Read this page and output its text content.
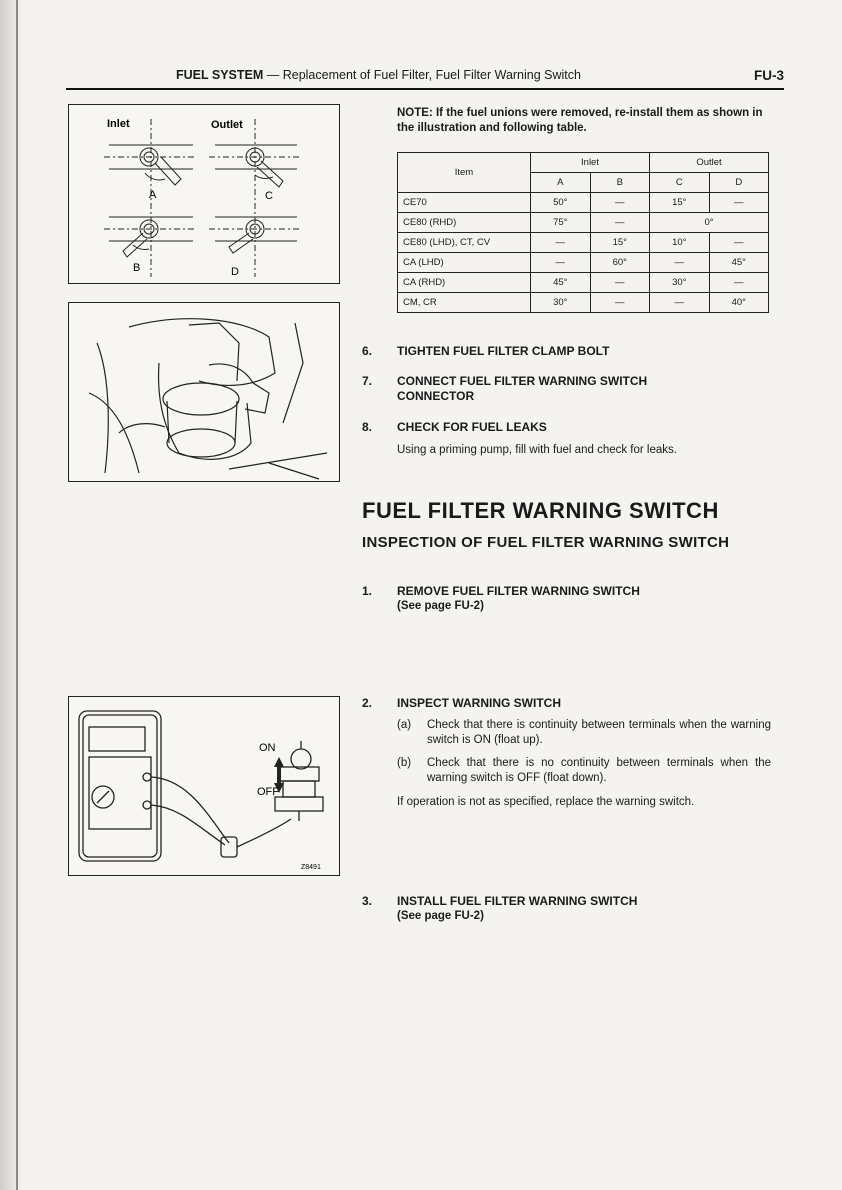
FUEL SYSTEM — Replacement of Fuel Filter, Fuel Filter Warning Switch	FU-3
Inlet	Outlet
A	C
B	D
NOTE: If the fuel unions were removed, re-install them as shown in the illustration and following table.
Item	Inlet		Outlet	
	A	B	C	D
CE70	50°	—	15°	—
CE80 (RHD)	75°	—	0°	
CE80 (LHD), CT, CV	—	15°	10°	—
CA (LHD)	—	60°	—	45°
CA (RHD)	45°	—	30°	—
CM, CR	30°	—	—	40°
6. TIGHTEN FUEL FILTER CLAMP BOLT
7. CONNECT FUEL FILTER WARNING SWITCH CONNECTOR
8. CHECK FOR FUEL LEAKS
Using a priming pump, fill with fuel and check for leaks.
FUEL FILTER WARNING SWITCH
INSPECTION OF FUEL FILTER WARNING SWITCH
1. REMOVE FUEL FILTER WARNING SWITCH
(See page FU-2)
ON
OFF
Z8491
2. INSPECT WARNING SWITCH
(a) Check that there is continuity between terminals when the warning switch is ON (float up).
(b) Check that there is no continuity between terminals when the warning switch is OFF (float down).
If operation is not as specified, replace the warning switch.
3. INSTALL FUEL FILTER WARNING SWITCH
(See page FU-2)
